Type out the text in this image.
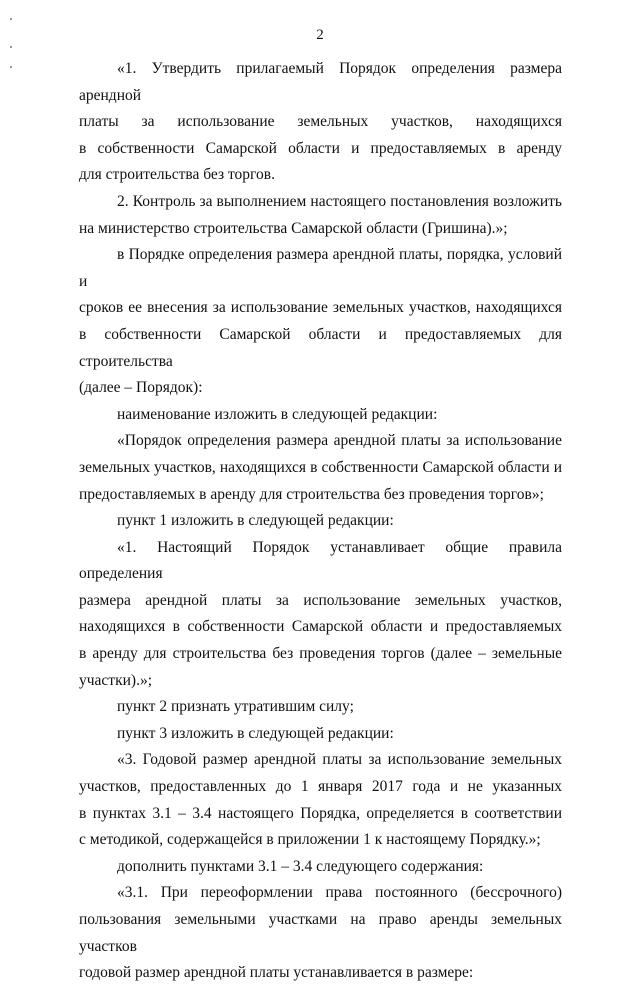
2

«1. Утвердить прилагаемый Порядок определения размера арендной
платы за использование земельных участков, находящихся
в собственности Самарской области и предоставляемых в аренду
для строительства без торгов.

2. Контроль за выполнением настоящего постановления возложить
на министерство строительства Самарской области (Гришина).»;

в Порядке определения размера арендной платы, порядка, условий и
сроков ее внесения за использование земельных участков, находящихся
в собственности Самарской области и предоставляемых для строительства
(далее – Порядок):

наименование изложить в следующей редакции:

«Порядок определения размера арендной платы за использование
земельных участков, находящихся в собственности Самарской области и
предоставляемых в аренду для строительства без проведения торгов»;

пункт 1 изложить в следующей редакции:

«1. Настоящий Порядок устанавливает общие правила определения
размера арендной платы за использование земельных участков,
находящихся в собственности Самарской области и предоставляемых
в аренду для строительства без проведения торгов (далее – земельные
участки).»;

пункт 2 признать утратившим силу;

пункт 3 изложить в следующей редакции:

«3. Годовой размер арендной платы за использование земельных
участков, предоставленных до 1 января 2017 года и не указанных
в пунктах 3.1 – 3.4 настоящего Порядка, определяется в соответствии
с методикой, содержащейся в приложении 1 к настоящему Порядку.»;

дополнить пунктами 3.1 – 3.4 следующего содержания:

«3.1. При переоформлении права постоянного (бессрочного)
пользования земельными участками на право аренды земельных участков
годовой размер арендной платы устанавливается в размере:
